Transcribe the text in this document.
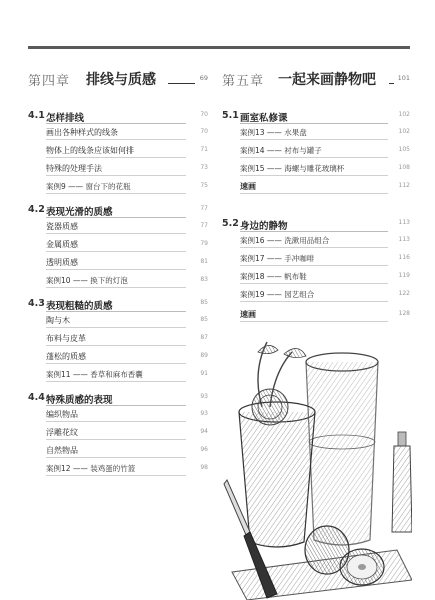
第四章 排线与质感	69
4.1 怎样排线	70
画出各种样式的线条	70
物体上的线条应该如何排	71
特殊的处理手法	73
案例9 —— 窗台下的花瓶	75
4.2 表现光滑的质感	77
瓷器质感	77
金属质感	79
透明质感	81
案例10 —— 换下的灯泡	83
4.3 表现粗糙的质感	85
陶与木	85
布料与皮革	87
蓬松的质感	89
案例11 —— 香草和麻布香囊	91
4.4 特殊质感的表现	93
编织物品	93
浮雕花纹	94
自然物品	96
案例12 —— 装鸡蛋的竹篮	98
第五章 一起来画静物吧	101
5.1 画室私修课	102
案例13 —— 水果盘	102
案例14 —— 衬布与罐子	105
案例15 —— 海螺与雕花玻璃杯	108
速画	112
5.2 身边的静物	113
案例16 —— 洗漱用品组合	113
案例17 —— 手冲咖啡	116
案例18 —— 帆布鞋	119
案例19 —— 园艺组合	122
速画	128
